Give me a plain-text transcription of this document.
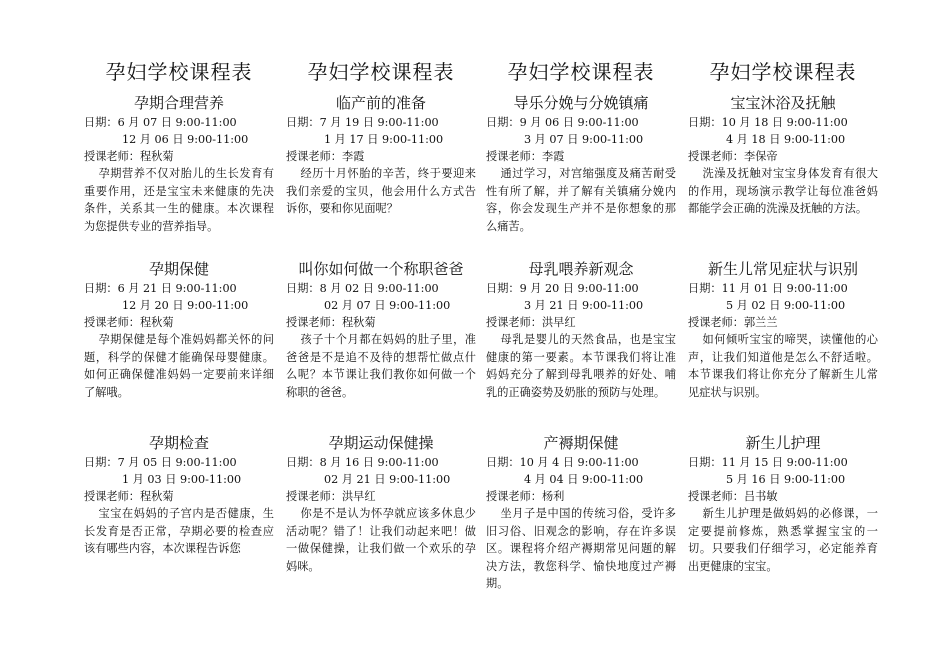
孕妇学校课程表
孕期合理营养
日期：6 月 07 日 9:00-11:00
12 月 06 日 9:00-11:00
授课老师：程秋菊

孕期营养不仅对胎儿的生长发育有重要作用，还是宝宝未来健康的先决条件，关系其一生的健康。本次课程为您提供专业的营养指导。

孕期保健
日期：6 月 21 日 9:00-11:00
12 月 20 日 9:00-11:00
授课老师：程秋菊

孕期保健是每个准妈妈都关怀的问题，科学的保健才能确保母婴健康。如何正确保健准妈妈一定要前来详细了解哦。

孕期检查
日期：7 月 05 日 9:00-11:00
1 月 03 日 9:00-11:00
授课老师：程秋菊

宝宝在妈妈的子宫内是否健康，生长发育是否正常，孕期必要的检查应该有哪些内容，本次课程告诉您

孕妇学校课程表
临产前的准备
日期：7 月 19 日 9:00-11:00
1 月 17 日 9:00-11:00
授课老师：李霞

经历十月怀胎的辛苦，终于要迎来我们亲爱的宝贝，他会用什么方式告诉你，要和你见面呢？

叫你如何做一个称职爸爸
日期：8 月 02 日 9:00-11:00
02 月 07 日 9:00-11:00
授课老师：程秋菊

孩子十个月都在妈妈的肚子里，准爸爸是不是追不及待的想帮忙做点什么呢？本节课让我们教你如何做一个称职的爸爸。

孕期运动保健操
日期：8 月 16 日 9:00-11:00
02 月 21 日 9:00-11:00
授课老师：洪早红

你是不是认为怀孕就应该多休息少活动呢？错了！让我们动起来吧！做一做保健操，让我们做一个欢乐的孕妈咪。

孕妇学校课程表
导乐分娩与分娩镇痛
日期：9 月 06 日 9:00-11:00
3 月 07 日 9:00-11:00
授课老师：李霞

通过学习，对宫缩强度及痛苦耐受性有所了解，并了解有关镇痛分娩内容，你会发现生产并不是你想象的那么痛苦。

母乳喂养新观念
日期：9 月 20 日 9:00-11:00
3 月 21 日 9:00-11:00
授课老师：洪早红

母乳是婴儿的天然食品，也是宝宝健康的第一要素。本节课我们将让准妈妈充分了解到母乳喂养的好处、哺乳的正确姿势及奶胀的预防与处理。

产褥期保健
日期：10 月 4 日 9:00-11:00
4 月 04 日 9:00-11:00
授课老师：杨利

坐月子是中国的传统习俗，受许多旧习俗、旧观念的影响，存在许多误区。课程将介绍产褥期常见问题的解决方法，教您科学、愉快地度过产褥期。

孕妇学校课程表
宝宝沐浴及抚触
日期：10 月 18 日 9:00-11:00
4 月 18 日 9:00-11:00
授课老师：李保帝

洗澡及抚触对宝宝身体发育有很大的作用，现场演示教学让每位准爸妈都能学会正确的洗澡及抚触的方法。

新生儿常见症状与识别
日期：11 月 01 日 9:00-11:00
5 月 02 日 9:00-11:00
授课老师：郭兰兰

如何倾听宝宝的啼哭，读懂他的心声，让我们知道他是怎么不舒适啦。本节课我们将让你充分了解新生儿常见症状与识别。

新生儿护理
日期：11 月 15 日 9:00-11:00
5 月 16 日 9:00-11:00
授课老师：吕书敏

新生儿护理是做妈妈的必修课，一定要提前修炼，熟悉掌握宝宝的一切。只要我们仔细学习，必定能养育出更健康的宝宝。
